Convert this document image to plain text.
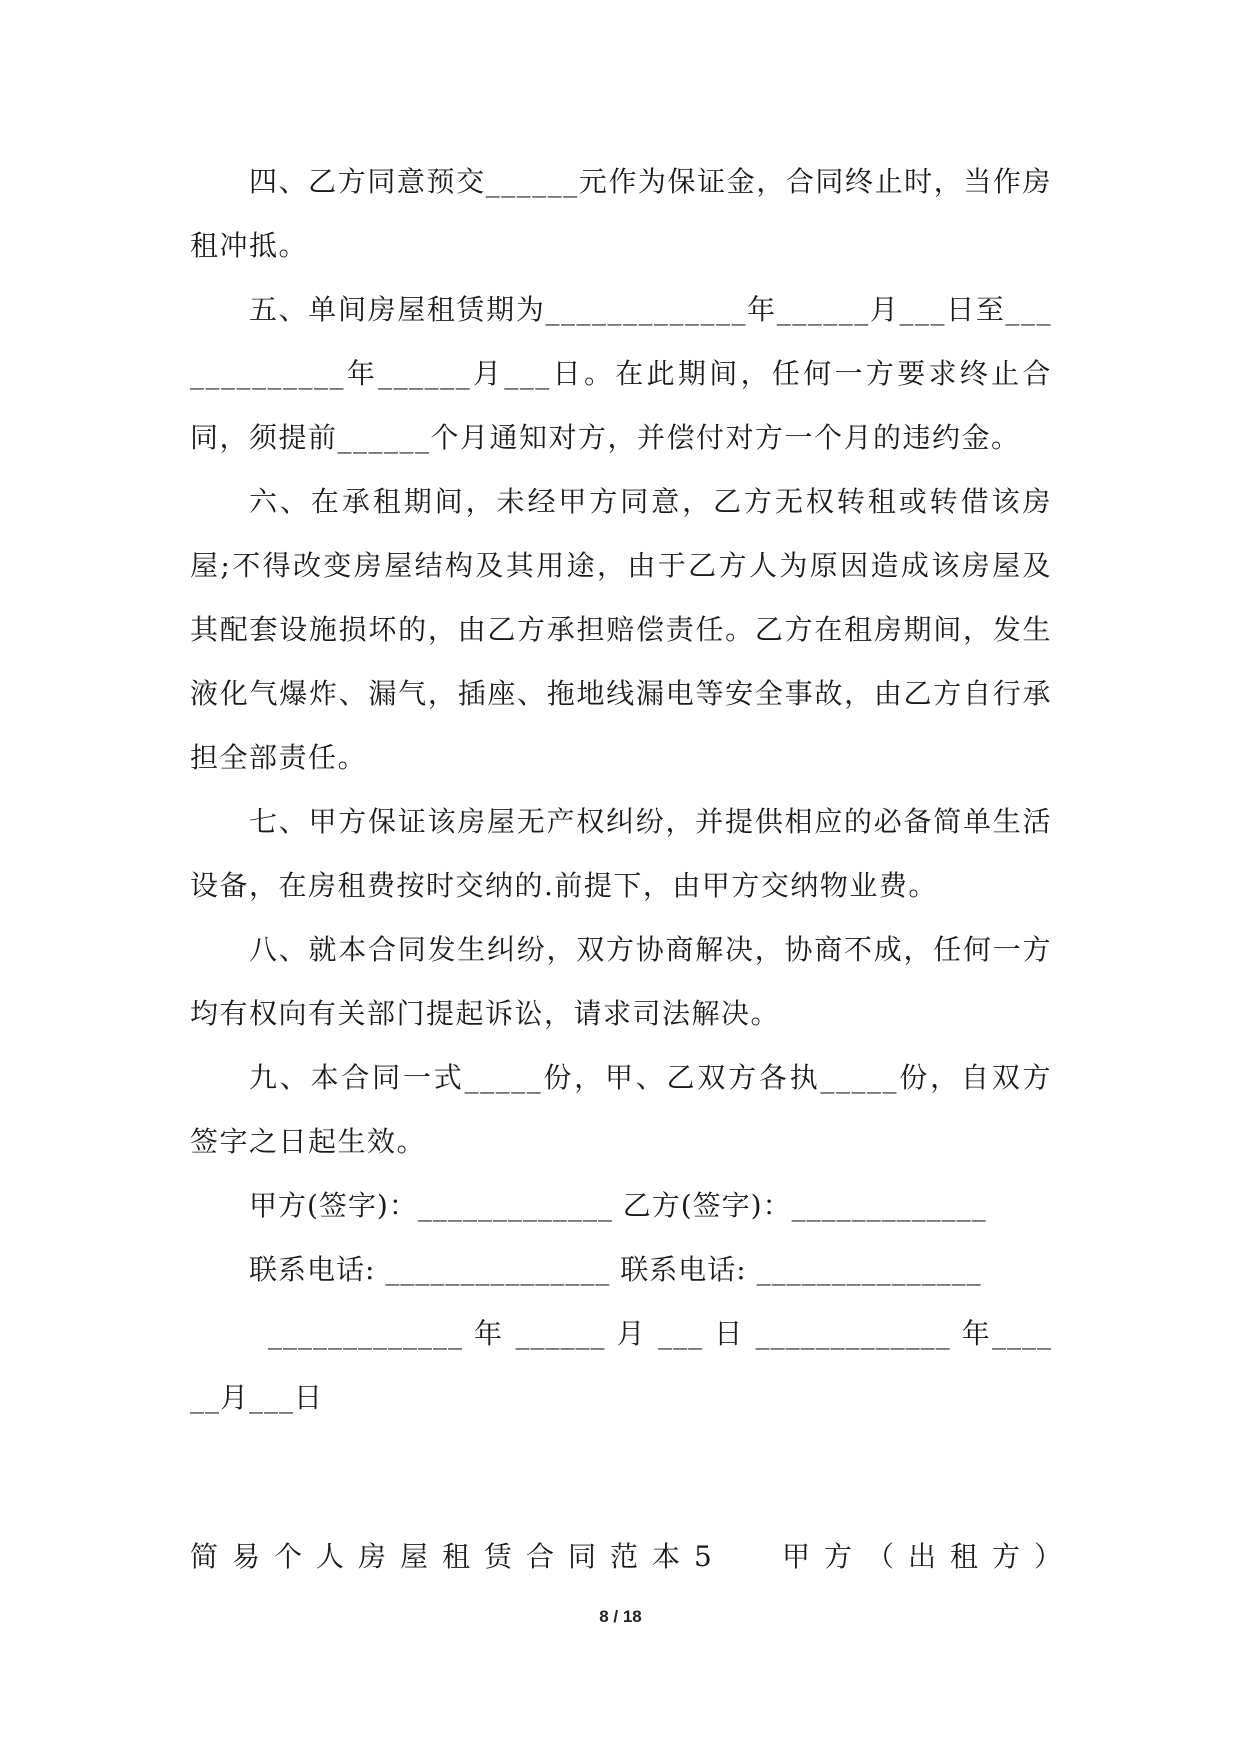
四、乙方同意预交______元作为保证金，合同终止时，当作房租冲抵。

五、单间房屋租赁期为_____________年______月___日至_____________年______月___日。在此期间，任何一方要求终止合同，须提前______个月通知对方，并偿付对方一个月的违约金。

六、在承租期间，未经甲方同意，乙方无权转租或转借该房屋;不得改变房屋结构及其用途，由于乙方人为原因造成该房屋及其配套设施损坏的，由乙方承担赔偿责任。乙方在租房期间，发生液化气爆炸、漏气，插座、拖地线漏电等安全事故，由乙方自行承担全部责任。

七、甲方保证该房屋无产权纠纷，并提供相应的必备简单生活设备，在房租费按时交纳的.前提下，由甲方交纳物业费。

八、就本合同发生纠纷，双方协商解决，协商不成，任何一方均有权向有关部门提起诉讼，请求司法解决。

九、本合同一式_____份，甲、乙双方各执_____份，自双方签字之日起生效。

甲方(签字)：_____________ 乙方(签字)：_____________

联系电话: _______________ 联系电话: _______________

_____________ 年 ______ 月 ___ 日 _____________ 年______月___日

简易个人房屋租赁合同范本5 甲方（出租方）
8 / 18
